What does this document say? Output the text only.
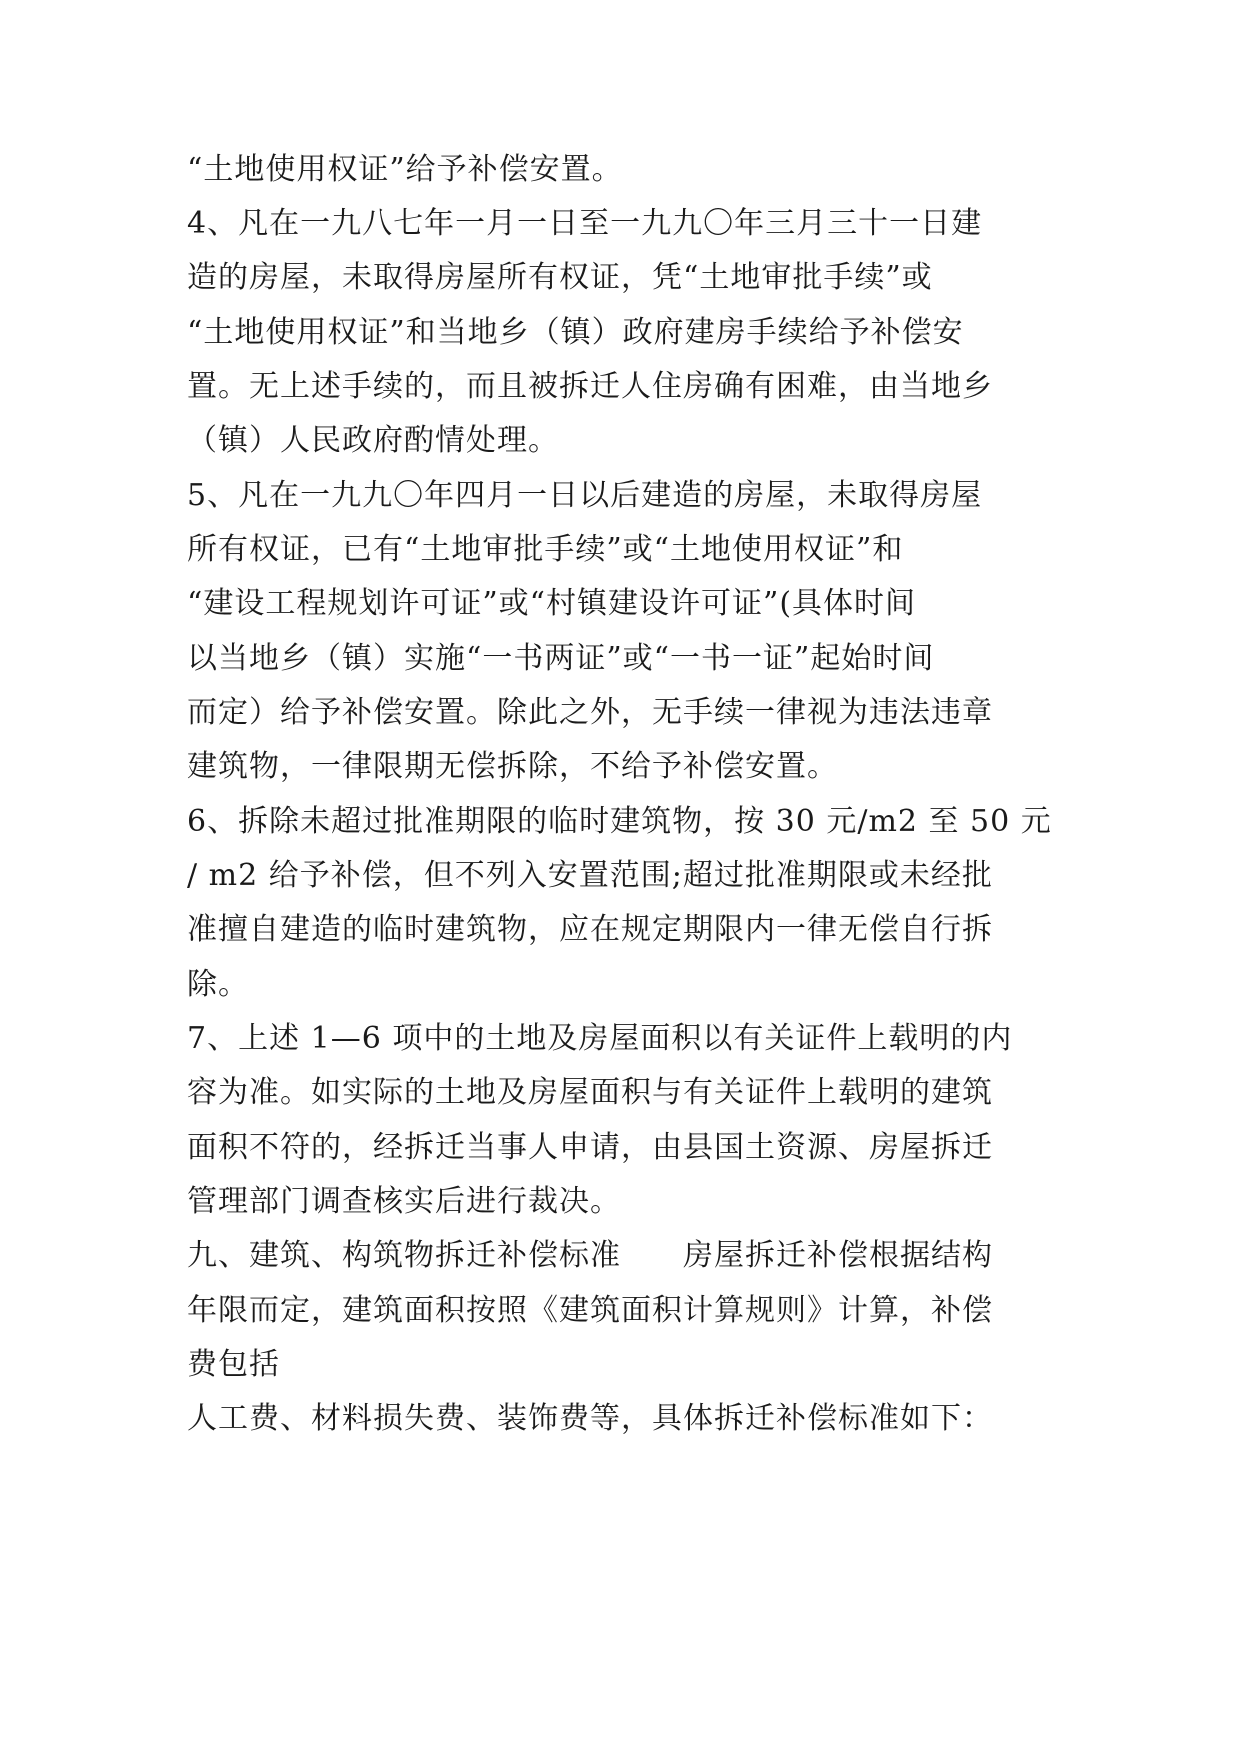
“土地使用权证”给予补偿安置。

4、凡在一九八七年一月一日至一九九〇年三月三十一日建

造的房屋，未取得房屋所有权证，凭“土地审批手续”或

“土地使用权证”和当地乡（镇）政府建房手续给予补偿安

置。无上述手续的，而且被拆迁人住房确有困难，由当地乡

（镇）人民政府酌情处理。

5、凡在一九九〇年四月一日以后建造的房屋，未取得房屋

所有权证，已有“土地审批手续”或“土地使用权证”和

“建设工程规划许可证”或“村镇建设许可证”(具体时间

以当地乡（镇）实施“一书两证”或“一书一证”起始时间

而定）给予补偿安置。除此之外，无手续一律视为违法违章

建筑物，一律限期无偿拆除，不给予补偿安置。

6、拆除未超过批准期限的临时建筑物，按 30 元/m2 至 50 元

/ m2 给予补偿，但不列入安置范围;超过批准期限或未经批

准擅自建造的临时建筑物，应在规定期限内一律无偿自行拆

除。

7、上述 1—6 项中的土地及房屋面积以有关证件上载明的内

容为准。如实际的土地及房屋面积与有关证件上载明的建筑

面积不符的，经拆迁当事人申请，由县国土资源、房屋拆迁

管理部门调查核实后进行裁决。

九、建筑、构筑物拆迁补偿标准　　房屋拆迁补偿根据结构

年限而定，建筑面积按照《建筑面积计算规则》计算，补偿

费包括

人工费、材料损失费、装饰费等，具体拆迁补偿标准如下：
